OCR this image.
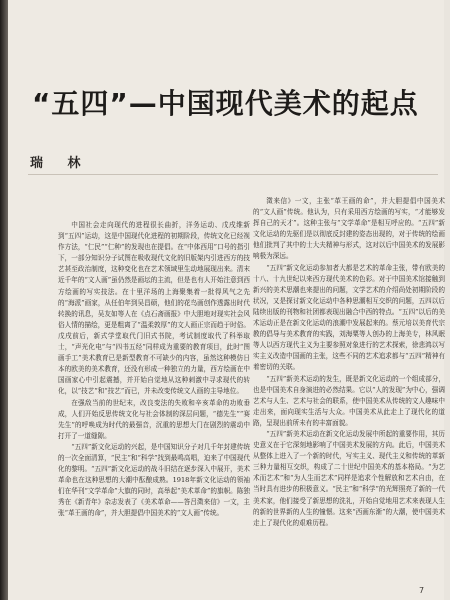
“五四”—中国现代美术的起点
瑞 林

中国社会走向现代的进程很长曲折，洋务运动、戊戌维新到“五四”运动，这是中国现代化进程的初期阶段，传统文化已经视作方法，“仁民”“仁种”的发现也在提倡。在“中体西用”口号的指引下，一部分知识分子试图在吸收现代文化的旧版架内引进西方的技艺甚至政治制度，这种变化也在艺术领域里生动地展现出来。清末近千年的“文人画”虽仍然是画坛的主流，但是也有人开始注意到西方绘画的写实技法。在十里洋场的上海聚集着一批得风气之先的“海派”画家，从任伯年到吴昌硕，他们的花鸟画创作透露出时代转换的讯息，吴友如等人在《点石斋画报》中大胆地对现实社会风俗人情的描绘，更是粗离了“温柔敦厚”的文人画正宗而趋于时俗。戊戌前后，新式学堂取代门旧式书院，考试制度取代了科举取士，“声光化电”与“四书五经”同样成为重要的教育项目，此时“图画手工”美术教育已是新型教育不可缺少的内容，虽然这种模仿日本的欧美的美术教育，还没有形成一种独立的力量，西方绘画在中国画家心中引起震撼，并开始自觉地从这种刺激中寻求现代的转化，以“技艺”和“技艺”而已，并未改变传统文人画的主导地位。

在强敌当前的世纪末，改良变法的失败和辛亥革命的功败垂成，人们开始反思传统文化与社会体制的深层问题，“德先生”“赛先生”的呼唤成为时代的最强音，沉重的思想大门在剧烈的震动中打开了一道缝隙。

“五四”新文化运动的兴起，是中国知识分子对几千年封建传统的一次全面清算，“民主”和“科学”找到最鸣高唱，迫来了中国现代化的黎明。“五四”新文化运动的战斗旧结在逐步深入中展开，美术革命也在这种思想的大潮中酝酿成熟。1918年新文化运动的领袖们在华刊“文学革命”大旗的同时，高举起“美术革命”的旗帜。陈独秀在《新青年》杂志发表了《美术革命——答吕澂来信》一文，主张“革王画的命”，并大胆提倡中国美术的“文人画”传统。

澂来信》一文，主张“革王画的命”，并大胆提倡中国美术的“文人画”传统。他认为，只有采用西方绘画的写实，“才能够发挥自己的天才”。这种主张与“文学革命”是相互呼应的。“五四”新文化运动的先驱们是以彻底反封建的姿态出现的，对于传统的绘画他们批判了其中的士大夫精神与形式，这对以后中国美术的发展影响极为深远。

“五四”新文化运动参加者大都是艺术的革命主张，带有欧美的十八、十九世纪以来西方现代美术的色彩。对于中国美术馆接触到新兴的美术思潮也来提出的问题，文学艺术的介绍尚处初期阶段的状况，又是探讨新文化运动中各种思潮相互交织的问题，五四以后陆续出版的刊物和社团都表现出融合中西的特点。“五四”以后的美术运动正是在新文化运动的浪潮中发展起来的。蔡元培以美育代宗教的倡导与美术教育的实践，刘海粟等人创办的上海美专，林风眠等人以西方现代主义为主要参照对象进行的艺术探索，徐悲鸿以写实主义改造中国画的主张，这些不同的艺术追求都与“五四”精神有着密切的关联。

“五四”新美术运动的发生，既是新文化运动的一个组成部分，也是中国美术自身演进的必然结果。它以“人的发现”为中心，强调艺术与人生、艺术与社会的联系，使中国美术从传统的文人趣味中走出来，面向现实生活与大众。中国美术从此走上了现代化的道路，呈现出前所未有的丰富面貌。

“五四”新美术运动在新文化运动发展中所起的重要作用，其历史意义在于它深刻地影响了中国美术发展的方向。此后，中国美术从整体上进入了一个新的时代，写实主义、现代主义和传统的革新三种力量相互交织，构成了二十世纪中国美术的基本格局。“为艺术而艺术”和“为人生而艺术”同样是追求个性解放和艺术自由，在当时具有进步的积极意义。“民主”和“科学”的光辉照亮了新的一代美术家，他们接受了新思想的洗礼，开始自觉地用艺术来表现人生的新的世界新的人生的憧憬。这来“西画东渐”的大潮，使中国美术走上了现代化的艰难历程。

7
